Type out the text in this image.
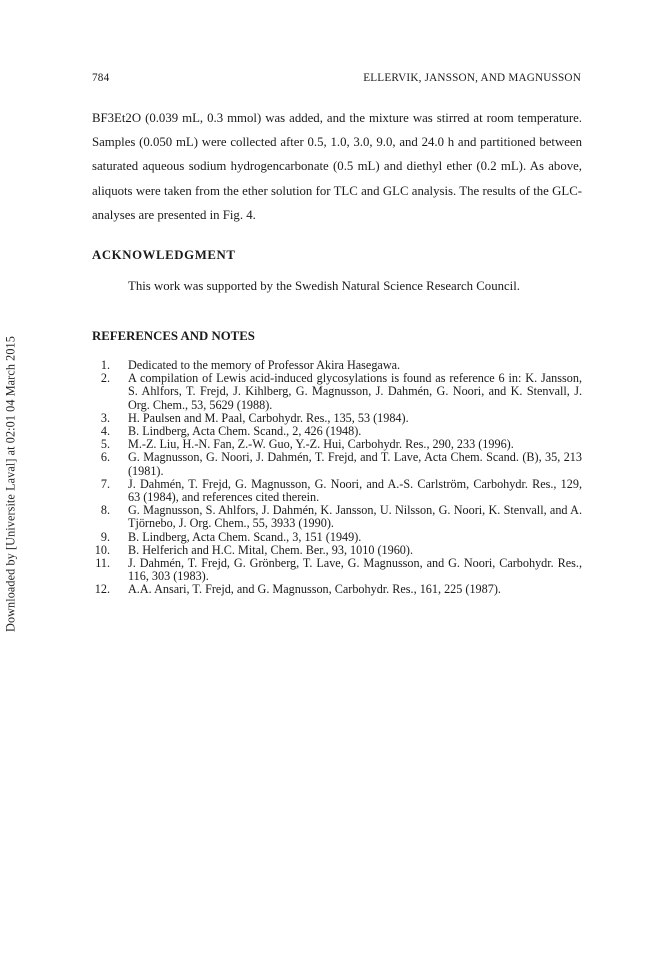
Downloaded by [Universite Laval] at 02:01 04 March 2015
784	ELLERVIK, JANSSON, AND MAGNUSSON

BF3Et2O (0.039 mL, 0.3 mmol) was added, and the mixture was stirred at room temperature. Samples (0.050 mL) were collected after 0.5, 1.0, 3.0, 9.0, and 24.0 h and partitioned between saturated aqueous sodium hydrogencarbonate (0.5 mL) and diethyl ether (0.2 mL). As above, aliquots were taken from the ether solution for TLC and GLC analysis. The results of the GLC-analyses are presented in Fig. 4.

ACKNOWLEDGMENT

This work was supported by the Swedish Natural Science Research Council.

REFERENCES AND NOTES
1. Dedicated to the memory of Professor Akira Hasegawa.
2. A compilation of Lewis acid-induced glycosylations is found as reference 6 in: K. Jansson, S. Ahlfors, T. Frejd, J. Kihlberg, G. Magnusson, J. Dahmén, G. Noori, and K. Stenvall, J. Org. Chem., 53, 5629 (1988).
3. H. Paulsen and M. Paal, Carbohydr. Res., 135, 53 (1984).
4. B. Lindberg, Acta Chem. Scand., 2, 426 (1948).
5. M.-Z. Liu, H.-N. Fan, Z.-W. Guo, Y.-Z. Hui, Carbohydr. Res., 290, 233 (1996).
6. G. Magnusson, G. Noori, J. Dahmén, T. Frejd, and T. Lave, Acta Chem. Scand. (B), 35, 213 (1981).
7. J. Dahmén, T. Frejd, G. Magnusson, G. Noori, and A.-S. Carlström, Carbohydr. Res., 129, 63 (1984), and references cited therein.
8. G. Magnusson, S. Ahlfors, J. Dahmén, K. Jansson, U. Nilsson, G. Noori, K. Stenvall, and A. Tjörnebo, J. Org. Chem., 55, 3933 (1990).
9. B. Lindberg, Acta Chem. Scand., 3, 151 (1949).
10. B. Helferich and H.C. Mital, Chem. Ber., 93, 1010 (1960).
11. J. Dahmén, T. Frejd, G. Grönberg, T. Lave, G. Magnusson, and G. Noori, Carbohydr. Res., 116, 303 (1983).
12. A.A. Ansari, T. Frejd, and G. Magnusson, Carbohydr. Res., 161, 225 (1987).
